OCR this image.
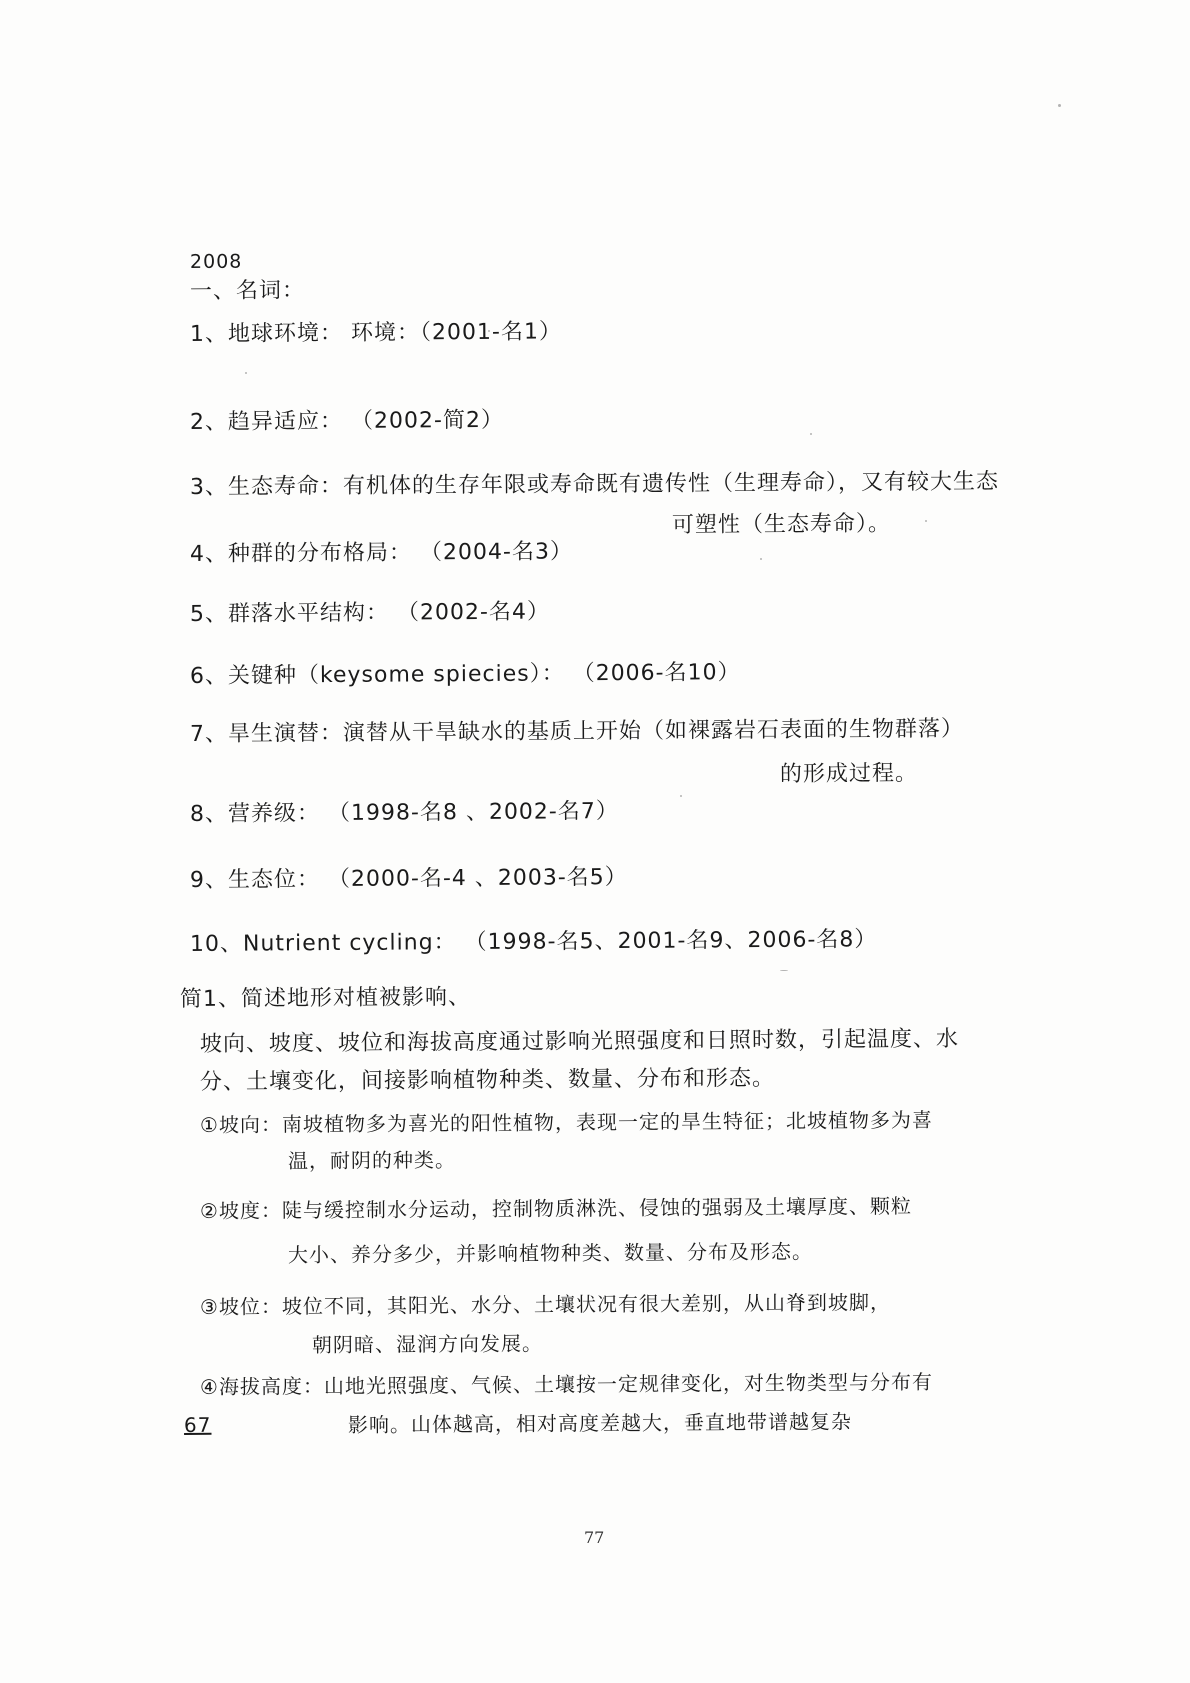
2008
一、名词：
1、地球环境： 环境：（2001-名1）
2、趋异适应： （2002-简2）
3、生态寿命：有机体的生存年限或寿命既有遗传性（生理寿命），又有较大生态
可塑性（生态寿命）。
4、种群的分布格局： （2004-名3）
5、群落水平结构： （2002-名4）
6、关键种（keysome spiecies）： （2006-名10）
7、旱生演替：演替从干旱缺水的基质上开始（如裸露岩石表面的生物群落）
的形成过程。
8、营养级： （1998-名8 、2002-名7）
9、生态位： （2000-名-4 、2003-名5）
10、Nutrient cycling： （1998-名5、2001-名9、2006-名8）
简1、简述地形对植被影响、
坡向、坡度、坡位和海拔高度通过影响光照强度和日照时数，引起温度、水
分、土壤变化，间接影响植物种类、数量、分布和形态。
①坡向：南坡植物多为喜光的阳性植物，表现一定的旱生特征；北坡植物多为喜
温，耐阴的种类。
②坡度：陡与缓控制水分运动，控制物质淋洗、侵蚀的强弱及土壤厚度、颗粒
大小、养分多少，并影响植物种类、数量、分布及形态。
③坡位：坡位不同，其阳光、水分、土壤状况有很大差别，从山脊到坡脚，
朝阴暗、湿润方向发展。
④海拔高度：山地光照强度、气候、土壤按一定规律变化，对生物类型与分布有
影响。山体越高，相对高度差越大，垂直地带谱越复杂
67
77
